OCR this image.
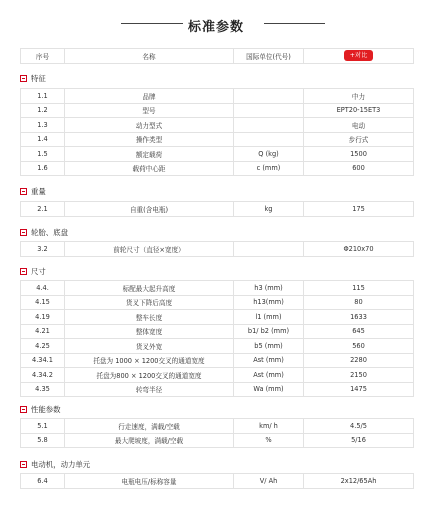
标准参数
序号	名称	国际单位(代号)	+对比
特征
1.1	品牌		中力
1.2	型号		EPT20-15ET3
1.3	动力型式		电动
1.4	操作类型		步行式
1.5	额定载荷	Q (kg)	1500
1.6	载荷中心距	c (mm)	600
重量
2.1	自重(含电瓶)	kg	175
轮胎、底盘
3.2	前轮尺寸（直径×宽度）		Φ210x70
尺寸
4.4.	标配最大起升高度	h3 (mm)	115
4.15	货叉下降后高度	h13(mm)	80
4.19	整车长度	l1 (mm)	1633
4.21	整体宽度	b1/ b2 (mm)	645
4.25	货叉外宽	b5 (mm)	560
4.34.1	托盘为 1000 × 1200交叉的通道宽度	Ast (mm)	2280
4.34.2	托盘为800 × 1200交叉的通道宽度	Ast (mm)	2150
4.35	转弯半径	Wa (mm)	1475
性能参数
5.1	行走速度，满载/空载	km/ h	4.5/5
5.8	最大爬坡度，满载/空载	%	5/16
电动机，动力单元
6.4	电瓶电压/标称容量	V/ Ah	2x12/65Ah
